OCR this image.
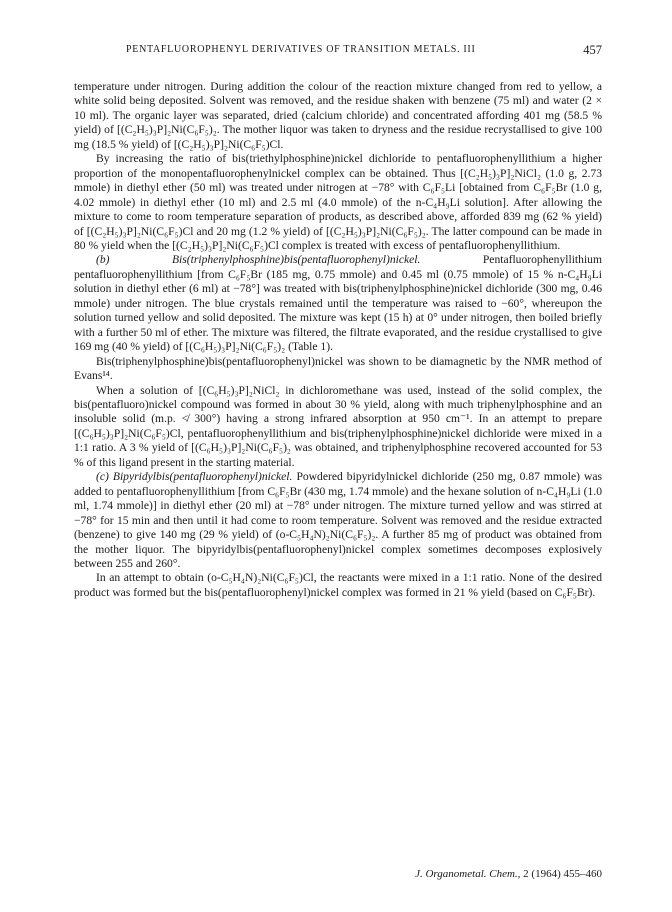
PENTAFLUOROPHENYL DERIVATIVES OF TRANSITION METALS. III	457

temperature under nitrogen. During addition the colour of the reaction mixture changed from red to yellow, a white solid being deposited. Solvent was removed, and the residue shaken with benzene (75 ml) and water (2 × 10 ml). The organic layer was separated, dried (calcium chloride) and concentrated affording 401 mg (58.5 % yield) of [(C₂H₅)₃P]₂Ni(C₆F₅)₂. The mother liquor was taken to dryness and the residue recrystallised to give 100 mg (18.5 % yield) of [(C₂H₅)₃P]₂Ni(C₆F₅)Cl.

By increasing the ratio of bis(triethylphosphine)nickel dichloride to pentafluorophenyllithium a higher proportion of the monopentafluorophenylnickel complex can be obtained. Thus [(C₂H₅)₃P]₂NiCl₂ (1.0 g, 2.73 mmole) in diethyl ether (50 ml) was treated under nitrogen at −78° with C₆F₅Li [obtained from C₆F₅Br (1.0 g, 4.02 mmole) in diethyl ether (10 ml) and 2.5 ml (4.0 mmole) of the n-C₄H₉Li solution]. After allowing the mixture to come to room temperature separation of products, as described above, afforded 839 mg (62 % yield) of [(C₂H₅)₃P]₂Ni(C₆F₅)Cl and 20 mg (1.2 % yield) of [(C₂H₅)₃P]₂Ni(C₆F₅)₂. The latter compound can be made in 80 % yield when the [(C₂H₅)₃P]₂Ni(C₆F₅)Cl complex is treated with excess of pentafluorophenyllithium.

(b) Bis(triphenylphosphine)bis(pentafluorophenyl)nickel.	Pentafluorophenyllithium pentafluorophenyllithium [from C₆F₅Br (185 mg, 0.75 mmole) and 0.45 ml (0.75 mmole) of 15 % n-C₄H₉Li solution in diethyl ether (6 ml) at −78°] was treated with bis(triphenylphosphine)nickel dichloride (300 mg, 0.46 mmole) under nitrogen. The blue crystals remained until the temperature was raised to −60°, whereupon the solution turned yellow and solid deposited. The mixture was kept (15 h) at 0° under nitrogen, then boiled briefly with a further 50 ml of ether. The mixture was filtered, the filtrate evaporated, and the residue crystallised to give 169 mg (40 % yield) of [(C₆H₅)₃P]₂Ni(C₆F₅)₂ (Table 1).

Bis(triphenylphosphine)bis(pentafluorophenyl)nickel was shown to be diamagnetic by the NMR method of Evans¹⁴.

When a solution of [(C₆H₅)₃P]₂NiCl₂ in dichloromethane was used, instead of the solid complex, the bis(pentafluoro)nickel compound was formed in about 30 % yield, along with much triphenylphosphine and an insoluble solid (m.p. ≮ 300°) having a strong infrared absorption at 950 cm⁻¹. In an attempt to prepare [(C₆H₅)₃P]₂Ni(C₆F₅)Cl, pentafluorophenyllithium and bis(triphenylphosphine)nickel dichloride were mixed in a 1:1 ratio. A 3 % yield of [(C₆H₅)₃P]₂Ni(C₆F₅)₂ was obtained, and triphenylphosphine recovered accounted for 53 % of this ligand present in the starting material.

(c) Bipyridylbis(pentafluorophenyl)nickel. Powdered bipyridylnickel dichloride (250 mg, 0.87 mmole) was added to pentafluorophenyllithium [from C₆F₅Br (430 mg, 1.74 mmole) and the hexane solution of n-C₄H₉Li (1.0 ml, 1.74 mmole)] in diethyl ether (20 ml) at −78° under nitrogen. The mixture turned yellow and was stirred at −78° for 15 min and then until it had come to room temperature. Solvent was removed and the residue extracted (benzene) to give 140 mg (29 % yield) of (o-C₅H₄N)₂Ni(C₆F₅)₂. A further 85 mg of product was obtained from the mother liquor. The bipyridylbis(pentafluorophenyl)nickel complex sometimes decomposes explosively between 255 and 260°.

In an attempt to obtain (o-C₅H₄N)₂Ni(C₆F₅)Cl, the reactants were mixed in a 1:1 ratio. None of the desired product was formed but the bis(pentafluorophenyl)nickel complex was formed in 21 % yield (based on C₆F₅Br).

J. Organometal. Chem., 2 (1964) 455–460
